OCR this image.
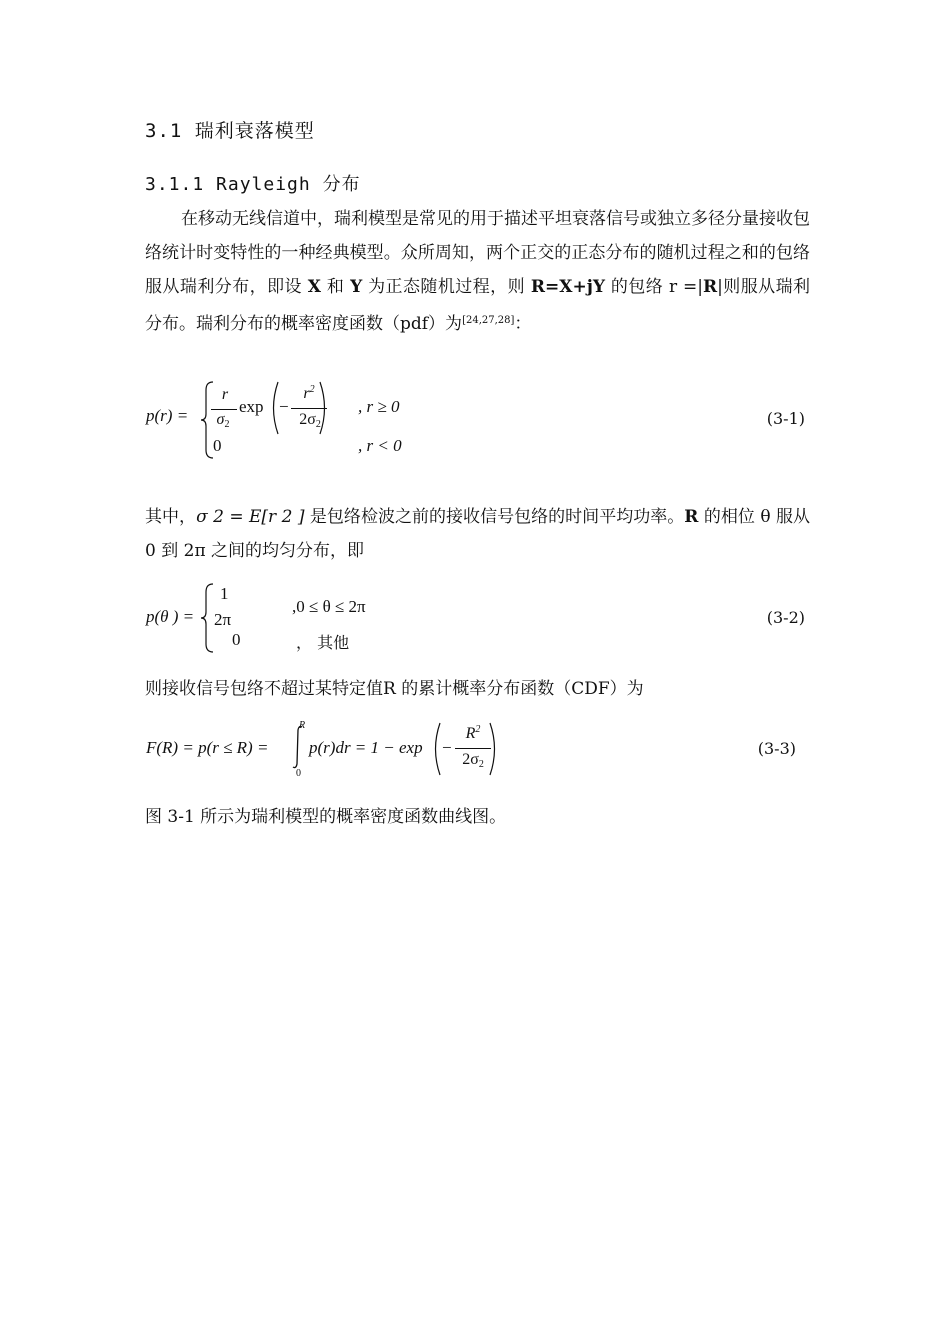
3.1 瑞利衰落模型
3.1.1 Rayleigh 分布
在移动无线信道中，瑞利模型是常见的用于描述平坦衰落信号或独立多径分量接收包络统计时变特性的一种经典模型。众所周知，两个正交的正态分布的随机过程之和的包络服从瑞利分布，即设 X 和 Y 为正态随机过程，则 R=X+jY 的包络 r =|R|则服从瑞利分布。瑞利分布的概率密度函数（pdf）为[24,27,28]：
p(r) =
r
σ2
exp −
$r^2$
2σ2
, r ≥ 0
0	, r < 0
(3-1)
其中，σ 2 = E[r 2 ] 是包络检波之前的接收信号包络的时间平均功率。R 的相位 θ 服从 0 到 2π 之间的均匀分布，即
p(θ ) =
1
2π
,0 ≤ θ ≤ 2π
0	， 其他
(3-2)
则接收信号包络不超过某特定值R 的累计概率分布函数（CDF）为
F(R) = p(r ≤ R) =
R
0
p(r)dr = 1 − exp −
$R^2$
2σ2
(3-3)
图 3-1 所示为瑞利模型的概率密度函数曲线图。
